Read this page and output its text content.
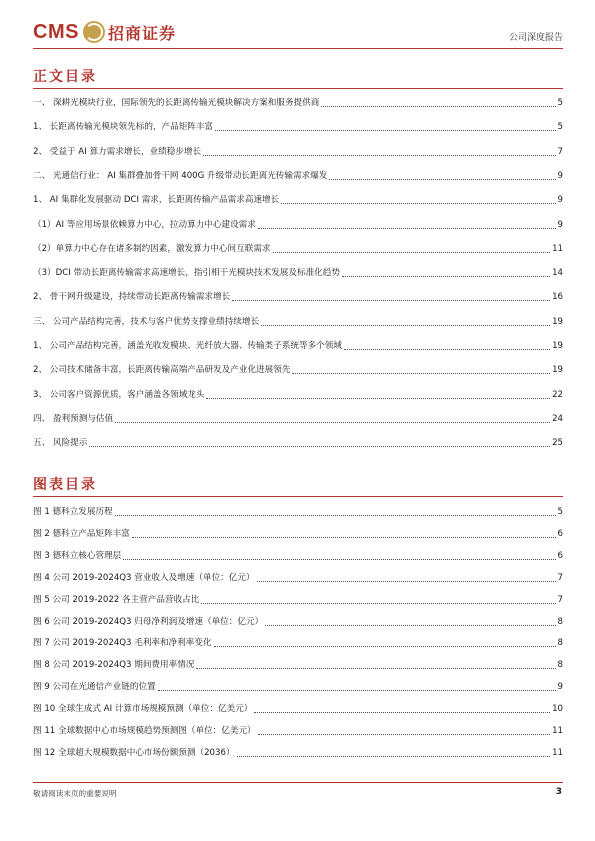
CMS 招商证券	公司深度报告
正文目录
一、 深耕光模块行业，国际领先的长距离传输光模块解决方案和服务提供商	5
1、 长距离传输光模块领先标的，产品矩阵丰富	5
2、 受益于 AI 算力需求增长，业绩稳步增长	7
二、 光通信行业： AI 集群叠加骨干网 400G 升级带动长距离光传输需求爆发	9
1、 AI 集群化发展驱动 DCI 需求，长距离传输产品需求高速增长	9
（1）AI 等应用场景依赖算力中心，拉动算力中心建设需求	9
（2）单算力中心存在诸多制约因素，激发算力中心间互联需求	11
（3）DCI 带动长距离传输需求高速增长，指引相干光模块技术发展及标准化趋势	14
2、 骨干网升级建设，持续带动长距离传输需求增长	16
三、 公司产品结构完善，技术与客户优势支撑业绩持续增长	19
1、 公司产品结构完善，涵盖光收发模块、光纤放大器、传输类子系统等多个领域	19
2、 公司技术储备丰富，长距离传输高端产品研发及产业化进展领先	19
3、 公司客户资源优质，客户涵盖各领域龙头	22
四、 盈利预测与估值	24
五、 风险提示	25
图表目录
图 1 德科立发展历程	5
图 2 德科立产品矩阵丰富	6
图 3 德科立核心管理层	6
图 4 公司 2019-2024Q3 营业收入及增速（单位：亿元）	7
图 5 公司 2019-2022 各主营产品营收占比	7
图 6 公司 2019-2024Q3 归母净利润及增速（单位：亿元）	8
图 7 公司 2019-2024Q3 毛利率和净利率变化	8
图 8 公司 2019-2024Q3 期间费用率情况	8
图 9 公司在光通信产业链的位置	9
图 10 全球生成式 AI 计算市场规模预测（单位：亿美元）	10
图 11 全球数据中心市场规模趋势预测图（单位：亿美元）	11
图 12 全球超大规模数据中心市场份额预测（2036）	11
敬请阅读末页的重要说明	3
